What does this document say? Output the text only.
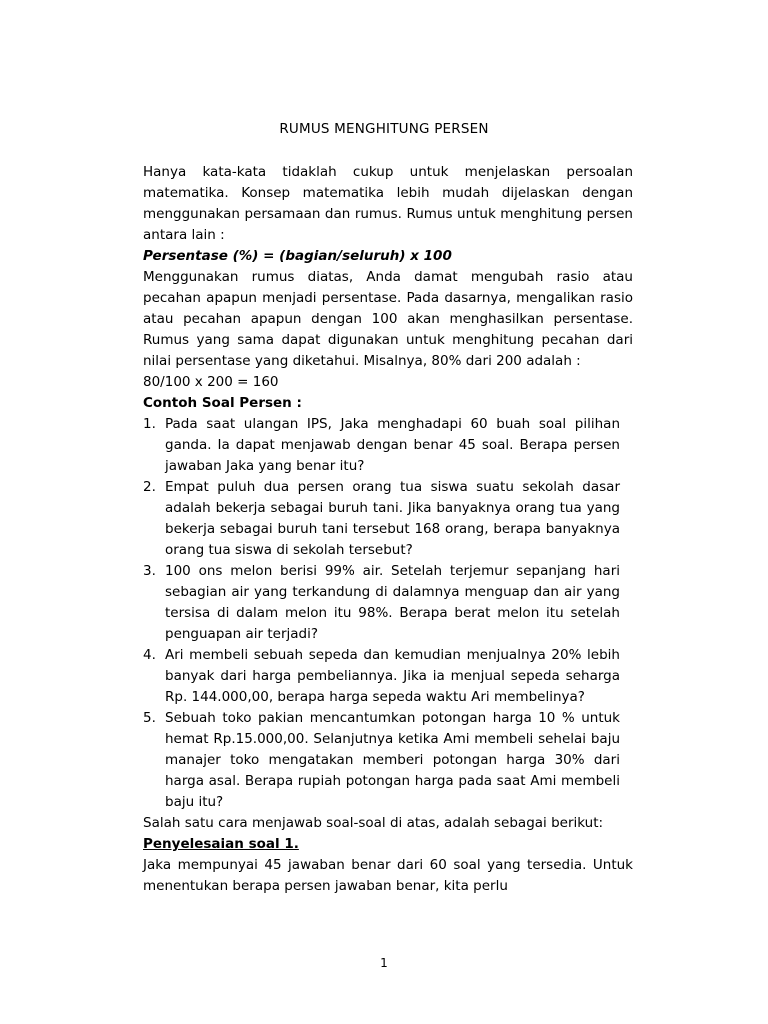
RUMUS MENGHITUNG PERSEN

Hanya kata-kata tidaklah cukup untuk menjelaskan persoalan matematika. Konsep matematika lebih mudah dijelaskan dengan menggunakan persamaan dan rumus. Rumus untuk menghitung persen antara lain :

Persentase (%) = (bagian/seluruh) x 100

Menggunakan rumus diatas, Anda damat mengubah rasio atau pecahan apapun menjadi persentase. Pada dasarnya, mengalikan rasio atau pecahan apapun dengan 100 akan menghasilkan persentase. Rumus yang sama dapat digunakan untuk menghitung pecahan dari nilai persentase yang diketahui. Misalnya, 80% dari 200 adalah :

80/100 x 200 = 160

Contoh Soal Persen :

1. Pada saat ulangan IPS, Jaka menghadapi 60 buah soal pilihan ganda. Ia dapat menjawab dengan benar 45 soal. Berapa persen jawaban Jaka yang benar itu?
2. Empat puluh dua persen orang tua siswa suatu sekolah dasar adalah bekerja sebagai buruh tani. Jika banyaknya orang tua yang bekerja sebagai buruh tani tersebut 168 orang, berapa banyaknya orang tua siswa di sekolah tersebut?
3. 100 ons melon berisi 99% air. Setelah terjemur sepanjang hari sebagian air yang terkandung di dalamnya menguap dan air yang tersisa di dalam melon itu 98%. Berapa berat melon itu setelah penguapan air terjadi?
4. Ari membeli sebuah sepeda dan kemudian menjualnya 20% lebih banyak dari harga pembeliannya. Jika ia menjual sepeda seharga Rp. 144.000,00, berapa harga sepeda waktu Ari membelinya?
5. Sebuah toko pakian mencantumkan potongan harga 10 % untuk hemat Rp.15.000,00. Selanjutnya ketika Ami membeli sehelai baju manajer toko mengatakan memberi potongan harga 30% dari harga asal. Berapa rupiah potongan harga pada saat Ami membeli baju itu?

Salah satu cara menjawab soal-soal di atas, adalah sebagai berikut:

Penyelesaian soal 1.

Jaka mempunyai 45 jawaban benar dari 60 soal yang tersedia. Untuk menentukan berapa persen jawaban benar, kita perlu

1
